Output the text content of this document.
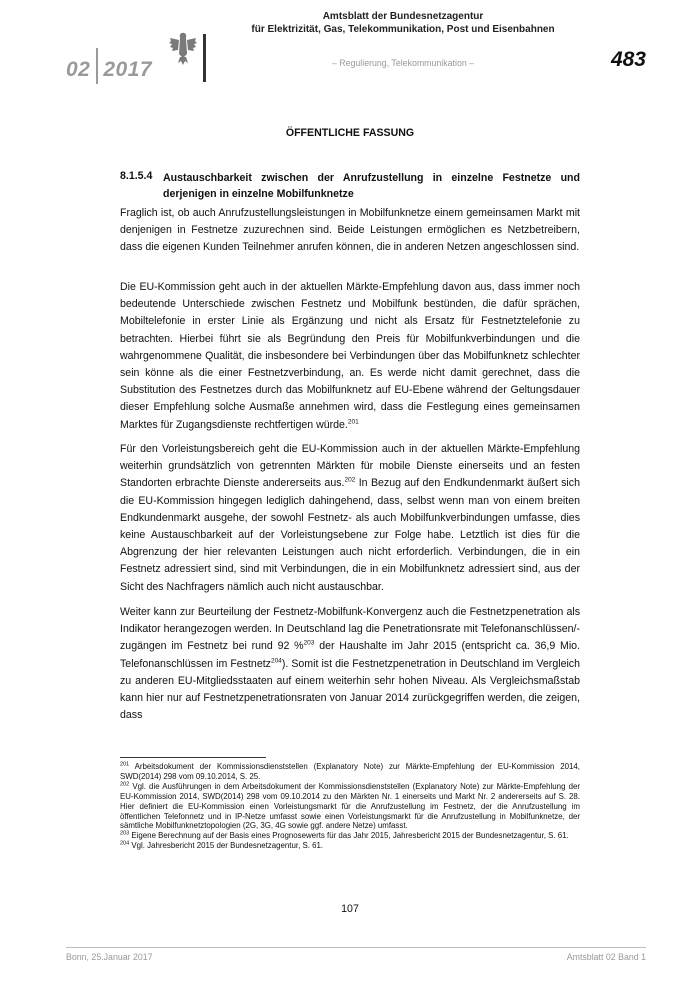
02 2017
Amtsblatt der Bundesnetzagentur
für Elektrizität, Gas, Telekommunikation, Post und Eisenbahnen
– Regulierung, Telekommunikation –	483
ÖFFENTLICHE FASSUNG
8.1.5.4 Austauschbarkeit zwischen der Anrufzustellung in einzelne Festnetze und derjenigen in einzelne Mobilfunknetze

Fraglich ist, ob auch Anrufzustellungsleistungen in Mobilfunknetze einem gemeinsamen Markt mit denjenigen in Festnetze zuzurechnen sind. Beide Leistungen ermöglichen es Netzbetreibern, dass die eigenen Kunden Teilnehmer anrufen können, die in anderen Netzen angeschlossen sind.

Die EU-Kommission geht auch in der aktuellen Märkte-Empfehlung davon aus, dass immer noch bedeutende Unterschiede zwischen Festnetz und Mobilfunk bestünden, die dafür sprächen, Mobiltelefonie in erster Linie als Ergänzung und nicht als Ersatz für Festnetztelefonie zu betrachten. Hierbei führt sie als Begründung den Preis für Mobilfunkverbindungen und die wahrgenommene Qualität, die insbesondere bei Verbindungen über das Mobilfunknetz schlechter sein könne als die einer Festnetzverbindung, an. Es werde nicht damit gerechnet, dass die Substitution des Festnetzes durch das Mobilfunknetz auf EU-Ebene während der Geltungsdauer dieser Empfehlung solche Ausmaße annehmen wird, dass die Festlegung eines gemeinsamen Marktes für Zugangsdienste rechtfertigen würde.$^{201}$

Für den Vorleistungsbereich geht die EU-Kommission auch in der aktuellen Märkte-Empfehlung weiterhin grundsätzlich von getrennten Märkten für mobile Dienste einerseits und an festen Standorten erbrachte Dienste andererseits aus.$^{202}$ In Bezug auf den Endkundenmarkt äußert sich die EU-Kommission hingegen lediglich dahingehend, dass, selbst wenn man von einem breiten Endkundenmarkt ausgehe, der sowohl Festnetz- als auch Mobilfunkverbindungen umfasse, dies keine Austauschbarkeit auf der Vorleistungsebene zur Folge habe. Letztlich ist dies für die Abgrenzung der hier relevanten Leistungen auch nicht erforderlich. Verbindungen, die in ein Festnetz adressiert sind, sind mit Verbindungen, die in ein Mobilfunknetz adressiert sind, aus der Sicht des Nachfragers nämlich auch nicht austauschbar.

Weiter kann zur Beurteilung der Festnetz-Mobilfunk-Konvergenz auch die Festnetzpenetration als Indikator herangezogen werden. In Deutschland lag die Penetrationsrate mit Telefonanschlüssen/-zugängen im Festnetz bei rund 92 %$^{203}$ der Haushalte im Jahr 2015 (entspricht ca. 36,9 Mio. Telefonanschlüssen im Festnetz$^{204}$). Somit ist die Festnetzpenetration in Deutschland im Vergleich zu anderen EU-Mitgliedsstaaten auf einem weiterhin sehr hohen Niveau. Als Vergleichsmaßstab kann hier nur auf Festnetzpenetrationsraten von Januar 2014 zurückgegriffen werden, die zeigen, dass

$^{201}$ Arbeitsdokument der Kommissionsdienststellen (Explanatory Note) zur Märkte-Empfehlung der EU-Kommission 2014, SWD(2014) 298 vom 09.10.2014, S. 25.

$^{202}$ Vgl. die Ausführungen in dem Arbeitsdokument der Kommissionsdienststellen (Explanatory Note) zur Märkte-Empfehlung der EU-Kommission 2014, SWD(2014) 298 vom 09.10.2014 zu den Märkten Nr. 1 einerseits und Markt Nr. 2 andererseits auf S. 28. Hier definiert die EU-Kommission einen Vorleistungsmarkt für die Anrufzustellung im Festnetz, der die Anrufzustellung im öffentlichen Telefonnetz und in IP-Netze umfasst sowie einen Vorleistungsmarkt für die Anrufzustellung in Mobilfunknetze, der sämtliche Mobilfunknetztopologien (2G, 3G, 4G sowie ggf. andere Netze) umfasst.

$^{203}$ Eigene Berechnung auf der Basis eines Prognosewerts für das Jahr 2015, Jahresbericht 2015 der Bundesnetzagentur, S. 61.

$^{204}$ Vgl. Jahresbericht 2015 der Bundesnetzagentur, S. 61.

107
Bonn, 25.Januar 2017	Amtsblatt 02 Band 1
